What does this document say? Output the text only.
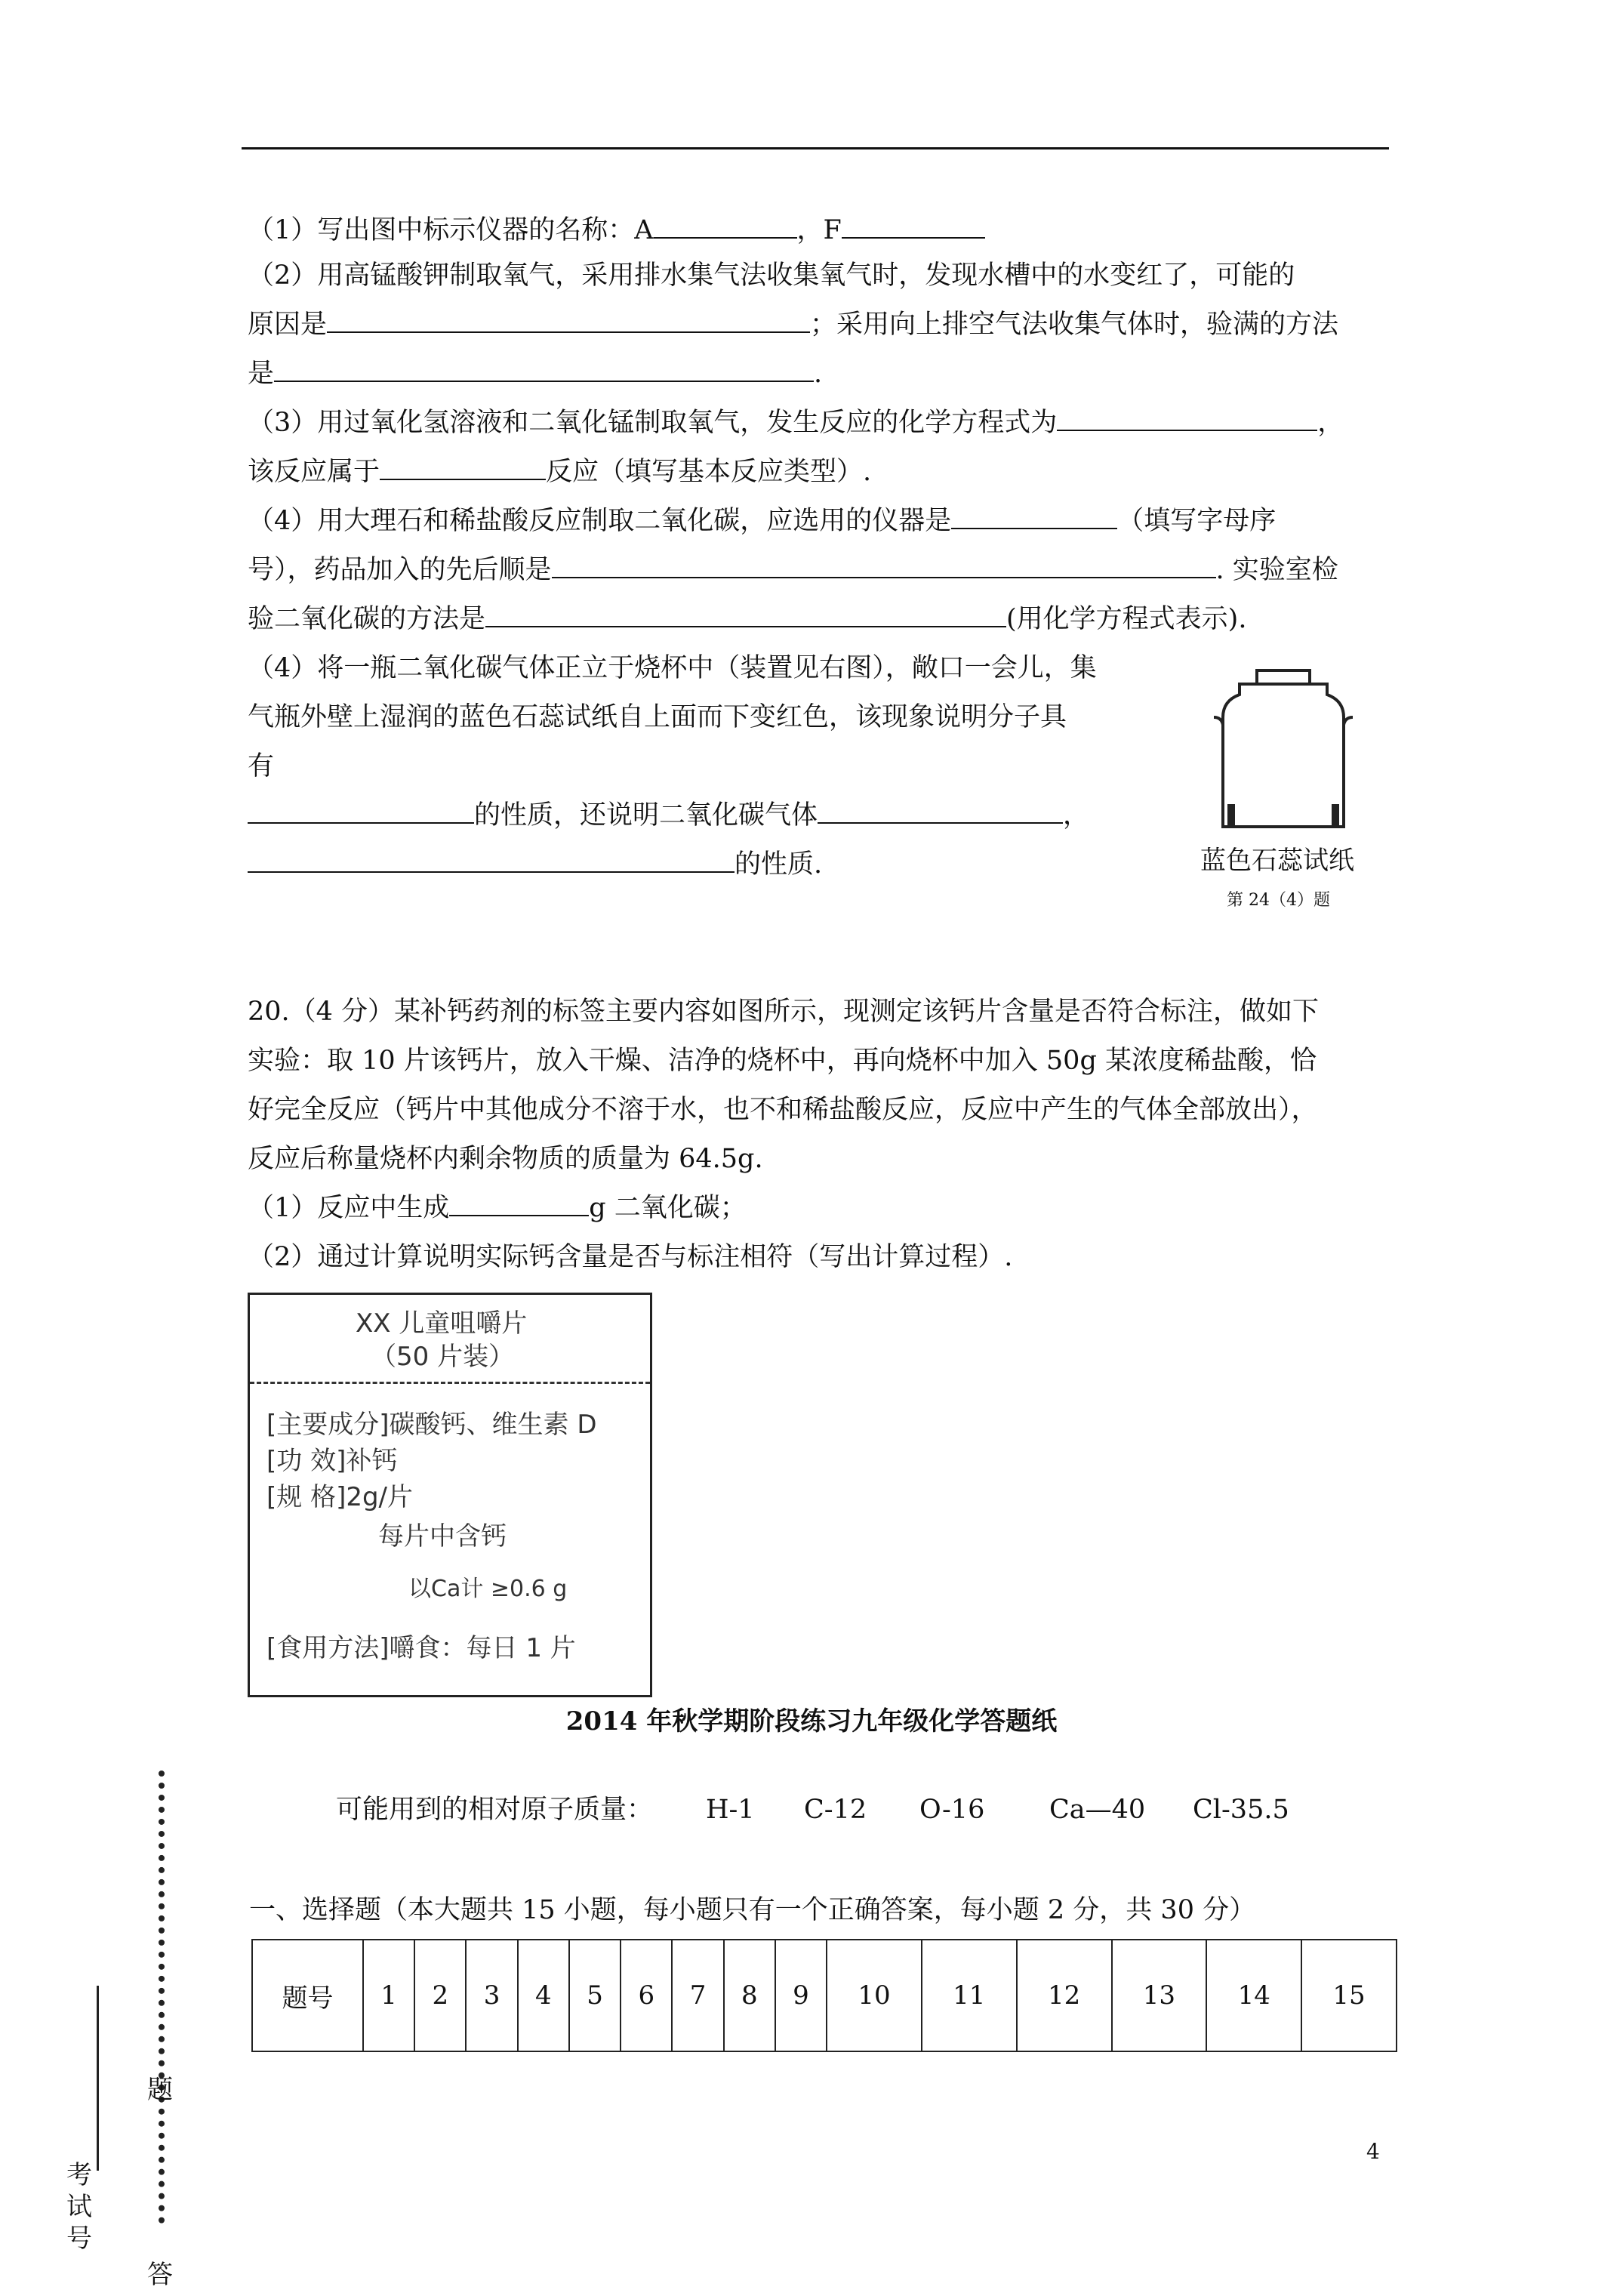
（1）写出图中标示仪器的名称：A	，F
（2）用高锰酸钾制取氧气，采用排水集气法收集氧气时，发现水槽中的水变红了，可能的
原因是	；采用向上排空气法收集气体时，验满的方法
是	.
（3）用过氧化氢溶液和二氧化锰制取氧气，发生反应的化学方程式为	，
该反应属于	反应（填写基本反应类型）.
（4）用大理石和稀盐酸反应制取二氧化碳，应选用的仪器是	（填写字母序
号），药品加入的先后顺是	. 实验室检
验二氧化碳的方法是	(用化学方程式表示).
（4）将一瓶二氧化碳气体正立于烧杯中（装置见右图），敞口一会儿，集
气瓶外壁上湿润的蓝色石蕊试纸自上面而下变红色，该现象说明分子具
有
的性质，还说明二氧化碳气体	，
的性质.	蓝色石蕊试纸
第 24（4）题
20.（4 分）某补钙药剂的标签主要内容如图所示，现测定该钙片含量是否符合标注，做如下
实验：取 10 片该钙片，放入干燥、洁净的烧杯中，再向烧杯中加入 50g 某浓度稀盐酸，恰
好完全反应（钙片中其他成分不溶于水，也不和稀盐酸反应，反应中产生的气体全部放出），
反应后称量烧杯内剩余物质的质量为 64.5g.
（1）反应中生成	g 二氧化碳；
（2）通过计算说明实际钙含量是否与标注相符（写出计算过程）.
XX 儿童咀嚼片
（50 片装）
[主要成分]碳酸钙、维生素 D
[功 效]补钙
[规 格]2g/片
每片中含钙
以Ca计 ≥0.6 g
[食用方法]嚼食：每日 1 片
2014 年秋学期阶段练习九年级化学答题纸
可能用到的相对原子质量： H-1 C-12 O-16 Ca—40 Cl-35.5
一、选择题（本大题共 15 小题，每小题只有一个正确答案，每小题 2 分，共 30 分）
题号	1	2	3	4	5	6	7	8	9	10	11	12	13	14	15
4
题
答
考试号
